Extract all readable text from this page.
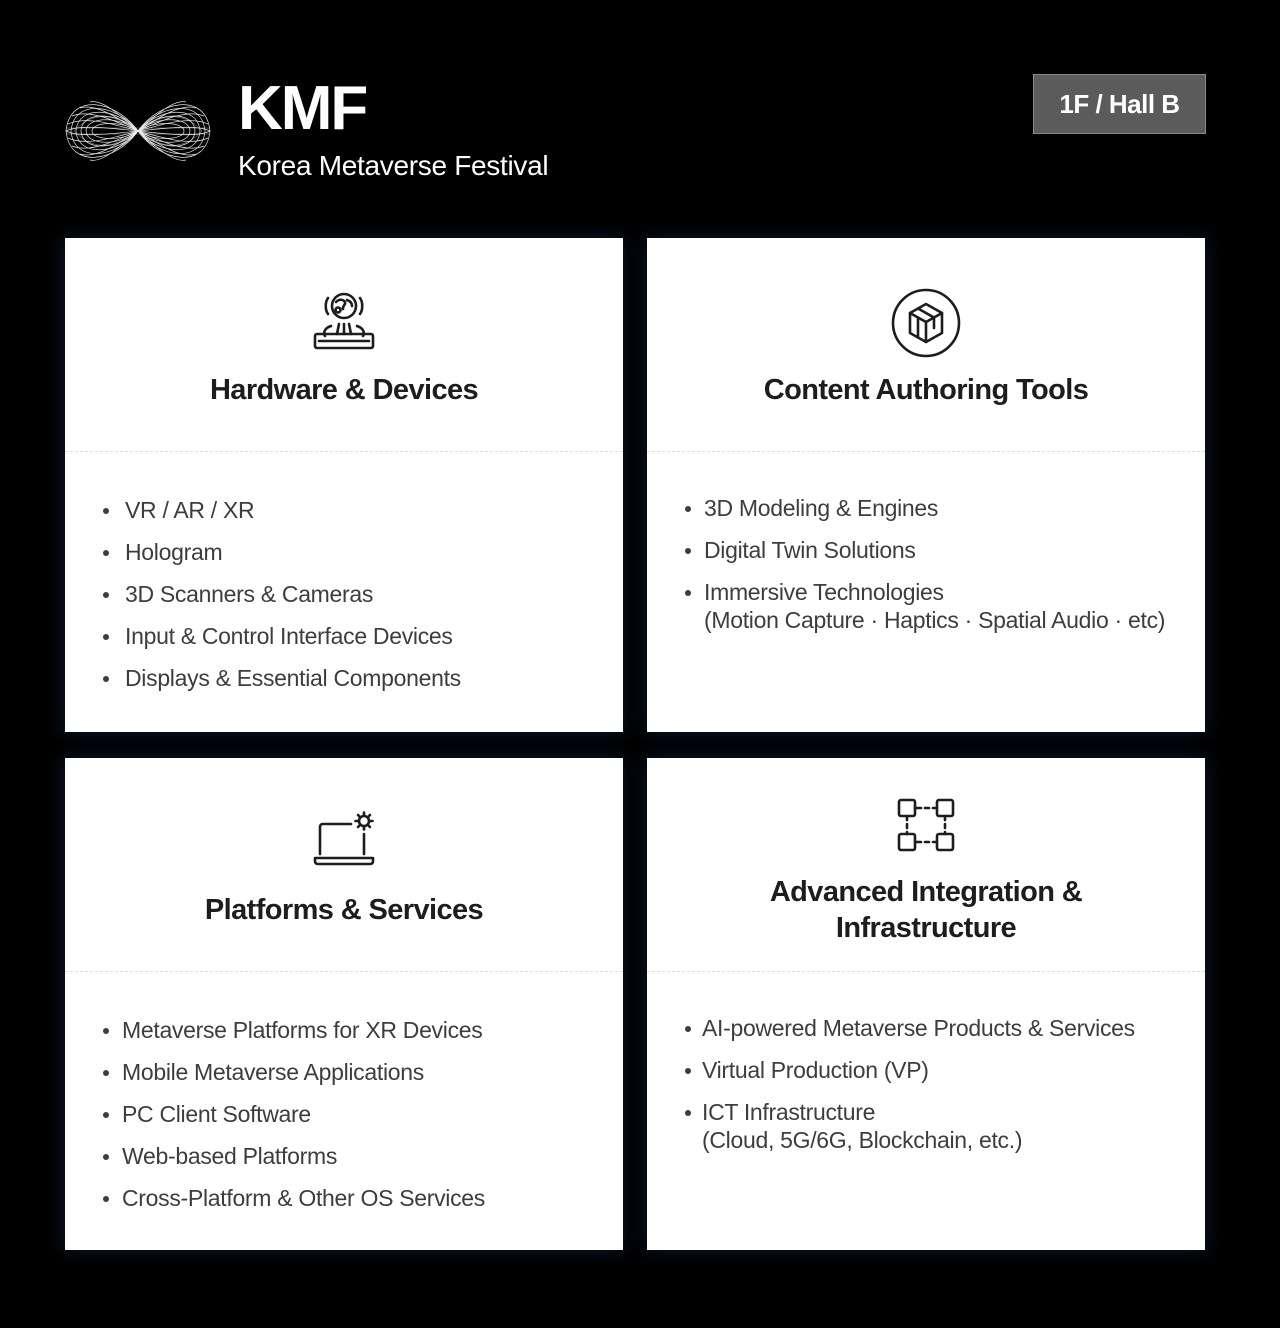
KMF
Korea Metaverse Festival
1F / Hall B
Hardware & Devices
VR / AR / XR
Hologram
3D Scanners & Cameras
Input & Control Interface Devices
Displays & Essential Components
Content Authoring Tools
3D Modeling & Engines
Digital Twin Solutions
Immersive Technologies
(Motion Capture · Haptics · Spatial Audio · etc)
Platforms & Services
Metaverse Platforms for XR Devices
Mobile Metaverse Applications
PC Client Software
Web-based Platforms
Cross-Platform & Other OS Services
Advanced Integration &
Infrastructure
AI-powered Metaverse Products & Services
Virtual Production (VP)
ICT Infrastructure
(Cloud, 5G/6G, Blockchain, etc.)
